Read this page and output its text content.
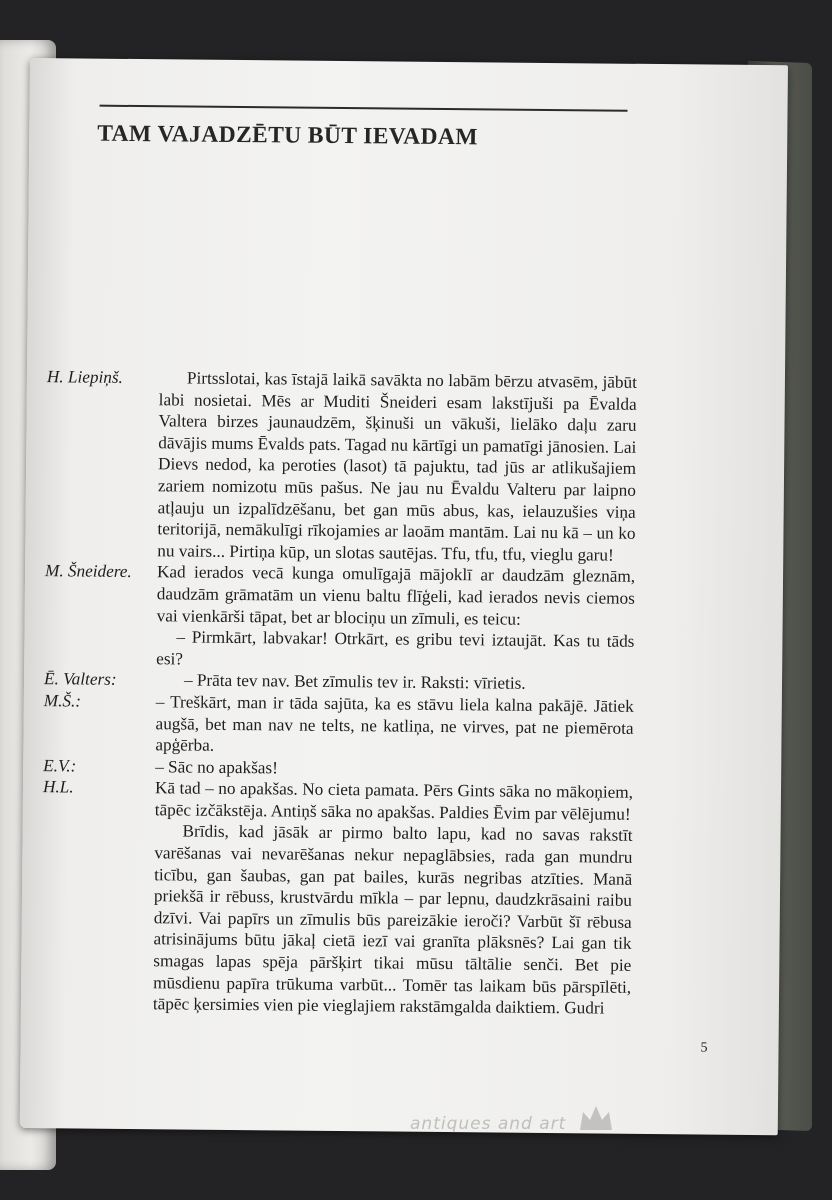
TAM VAJADZĒTU BŪT IEVADAM
H. Liepiņš.	Pirtsslotai, kas īstajā laikā savākta no labām bērzu atvasēm, jābūt labi nosietai. Mēs ar Muditi Šneideri esam lakstījuši pa Ēvalda Valtera birzes jaunaudzēm, šķinuši un vākuši, lielāko daļu zaru dāvājis mums Ēvalds pats. Tagad nu kārtīgi un pamatīgi jānosien. Lai Dievs nedod, ka peroties (lasot) tā pajuktu, tad jūs ar atlikušajiem zariem nomizotu mūs pašus. Ne jau nu Ēvaldu Valteru par laipno atļauju un izpalīdzēšanu, bet gan mūs abus, kas, ielauzušies viņa teritorijā, nemākulīgi rīkojamies ar laoām mantām. Lai nu kā – un ko nu vairs... Pirtiņa kūp, un slotas sautējas. Tfu, tfu, tfu, vieglu garu!

M. Šneidere. Kad ierados vecā kunga omulīgajā mājoklī ar daudzām gleznām, daudzām grāmatām un vienu baltu flīģeli, kad ierados nevis ciemos vai vienkārši tāpat, bet ar blociņu un zīmuli, es teicu:

– Pirmkārt, labvakar! Otrkārt, es gribu tevi iztaujāt. Kas tu tāds esi?

Ē. Valters:	– Prāta tev nav. Bet zīmulis tev ir. Raksti: vīrietis.

M.Š.:	– Treškārt, man ir tāda sajūta, ka es stāvu liela kalna pakājē. Jātiek augšā, bet man nav ne telts, ne katliņa, ne virves, pat ne piemērota apģērba.

E.V.:	– Sāc no apakšas!

H.L.	Kā tad – no apakšas. No cieta pamata. Pērs Gints sāka no mākoņiem, tāpēc izčākstēja. Antiņš sāka no apakšas. Paldies Ēvim par vēlējumu!

Brīdis, kad jāsāk ar pirmo balto lapu, kad no savas rakstīt varēšanas vai nevarēšanas nekur nepaglābsies, rada gan mundru ticību, gan šaubas, gan pat bailes, kurās negribas atzīties. Manā priekšā ir rēbuss, krustvārdu mīkla – par lepnu, daudzkrāsaini raibu dzīvi. Vai papīrs un zīmulis būs pareizākie ieroči? Varbūt šī rēbusa atrisinājums būtu jākaļ cietā iezī vai granīta plāksnēs? Lai gan tik smagas lapas spēja pāršķirt tikai mūsu tāltālie senči. Bet pie mūsdienu papīra trūkuma varbūt... Tomēr tas laikam būs pārspīlēti, tāpēc ķersimies vien pie vieglajiem rakstāmgalda daiktiem. Gudri

5
antiques and art
